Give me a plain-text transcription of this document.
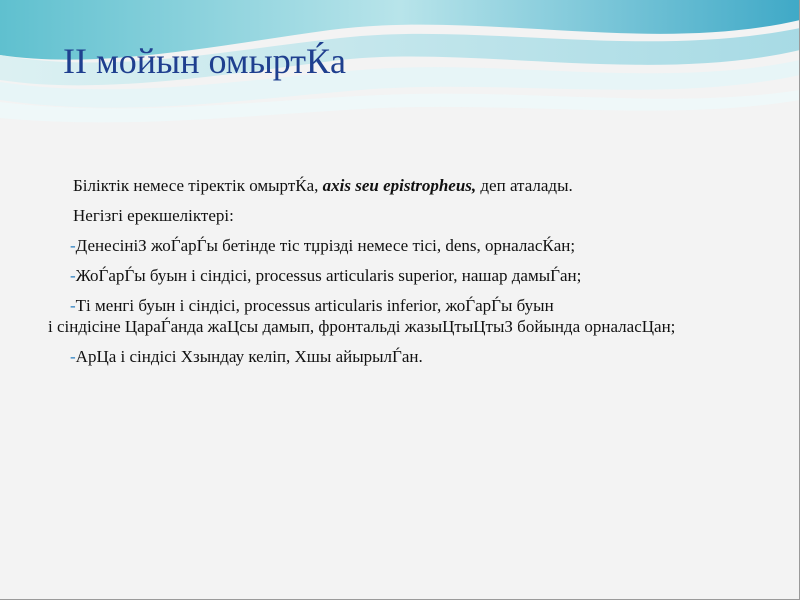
II мойын омыртЌа

Біліктік немесе тіректік омыртЌа, axis seu epistropheus, деп аталады.

Негізгі ерекшеліктері:

-ДенесініЗ жоЃарЃы бетінде тіс тџрізді немесе тісі, dens, орналасЌан;

-ЖоЃарЃы буын і сіндісі, processus articularis superior, нашар дамыЃан;

-Ті менгі буын і сіндісі, processus articularis inferior, жоЃарЃы буын
і сіндісіне ЦараЃанда жаЦсы дамып, фронтальді жазыЦтыЦтыЗ бойында орналасЦан;

-АрЦа і сіндісі Хзындау келіп, Хшы айырылЃан.
